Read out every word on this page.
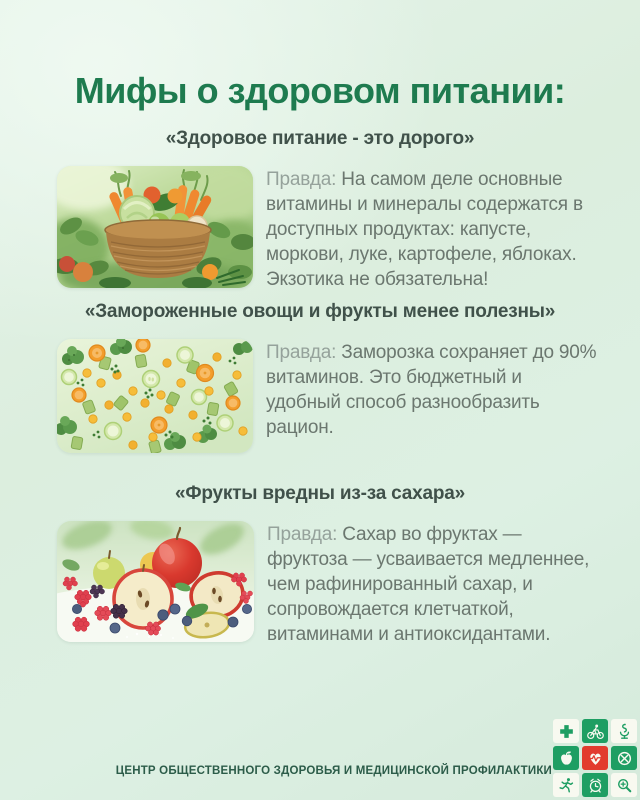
Мифы о здоровом питании:
«Здоровое питание - это дорого»

Правда: На самом деле основные витамины и минералы содержатся в доступных продуктах: капусте, моркови, луке, картофеле, яблоках. Экзотика не обязательна!

«Замороженные овощи и фрукты менее полезны»

Правда: Заморозка сохраняет до 90% витаминов. Это бюджетный и удобный способ разнообразить рацион.

«Фрукты вредны из-за сахара»

Правда: Сахар во фруктах — фруктоза — усваивается медленнее, чем рафинированный сахар, и сопровождается клетчаткой, витаминами и антиоксидантами.

ЦЕНТР ОБЩЕСТВЕННОГО ЗДОРОВЬЯ И МЕДИЦИНСКОЙ ПРОФИЛАКТИКИ
